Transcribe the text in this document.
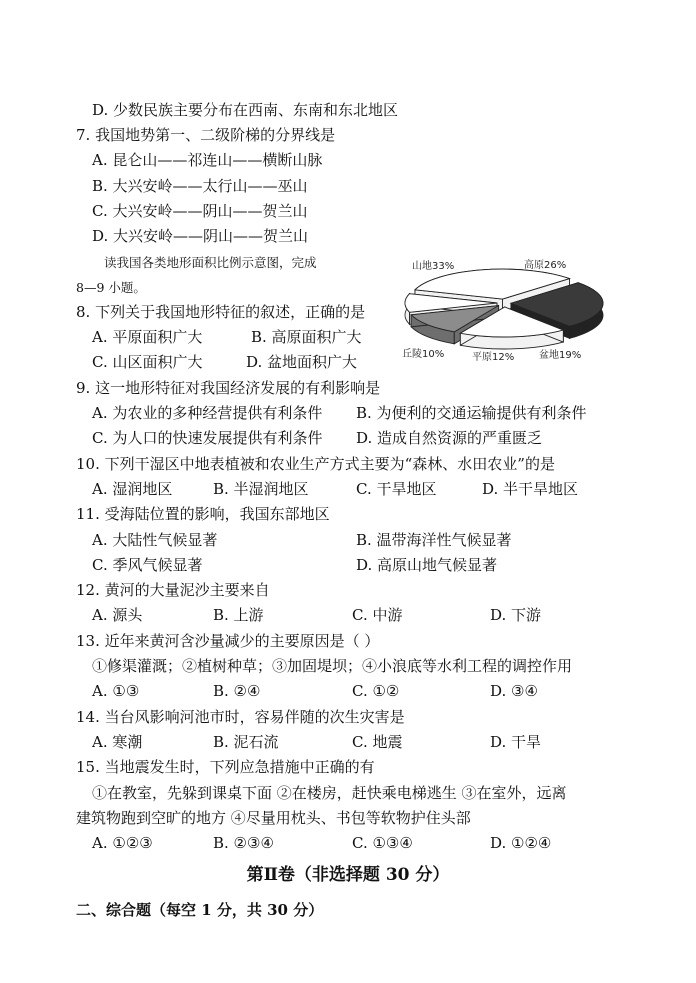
D. 少数民族主要分布在西南、东南和东北地区
7. 我国地势第一、二级阶梯的分界线是
A. 昆仑山——祁连山——横断山脉
B. 大兴安岭——太行山——巫山
C. 大兴安岭——阴山——贺兰山
D. 大兴安岭——阴山——贺兰山
读我国各类地形面积比例示意图，完成
8—9 小题。
8. 下列关于我国地形特征的叙述，正确的是
A. 平原面积广大	B. 高原面积广大
C. 山区面积广大	D. 盆地面积广大
山地33%	高原26%
盆地19%
平原12%
丘陵10%
9. 这一地形特征对我国经济发展的有利影响是
A. 为农业的多种经营提供有利条件 B. 为便利的交通运输提供有利条件
C. 为人口的快速发展提供有利条件 D. 造成自然资源的严重匮乏
10. 下列干湿区中地表植被和农业生产方式主要为“森林、水田农业”的是
A. 湿润地区	B. 半湿润地区	C. 干旱地区	D. 半干旱地区
11. 受海陆位置的影响，我国东部地区
A. 大陆性气候显著	B. 温带海洋性气候显著
C. 季风气候显著	D. 高原山地气候显著
12. 黄河的大量泥沙主要来自
A. 源头	B. 上游	C. 中游	D. 下游
13. 近年来黄河含沙量减少的主要原因是（ ）
①修渠灌溉；②植树种草；③加固堤坝；④小浪底等水利工程的调控作用
A. ①③	B. ②④	C. ①②	D. ③④
14. 当台风影响河池市时，容易伴随的次生灾害是
A. 寒潮	B. 泥石流	C. 地震	D. 干旱
15. 当地震发生时，下列应急措施中正确的有
①在教室，先躲到课桌下面 ②在楼房，赶快乘电梯逃生 ③在室外，远离
建筑物跑到空旷的地方 ④尽量用枕头、书包等软物护住头部
A. ①②③	B. ②③④	C. ①③④	D. ①②④
第Ⅱ卷（非选择题 30 分）
二、综合题（每空 1 分，共 30 分）
